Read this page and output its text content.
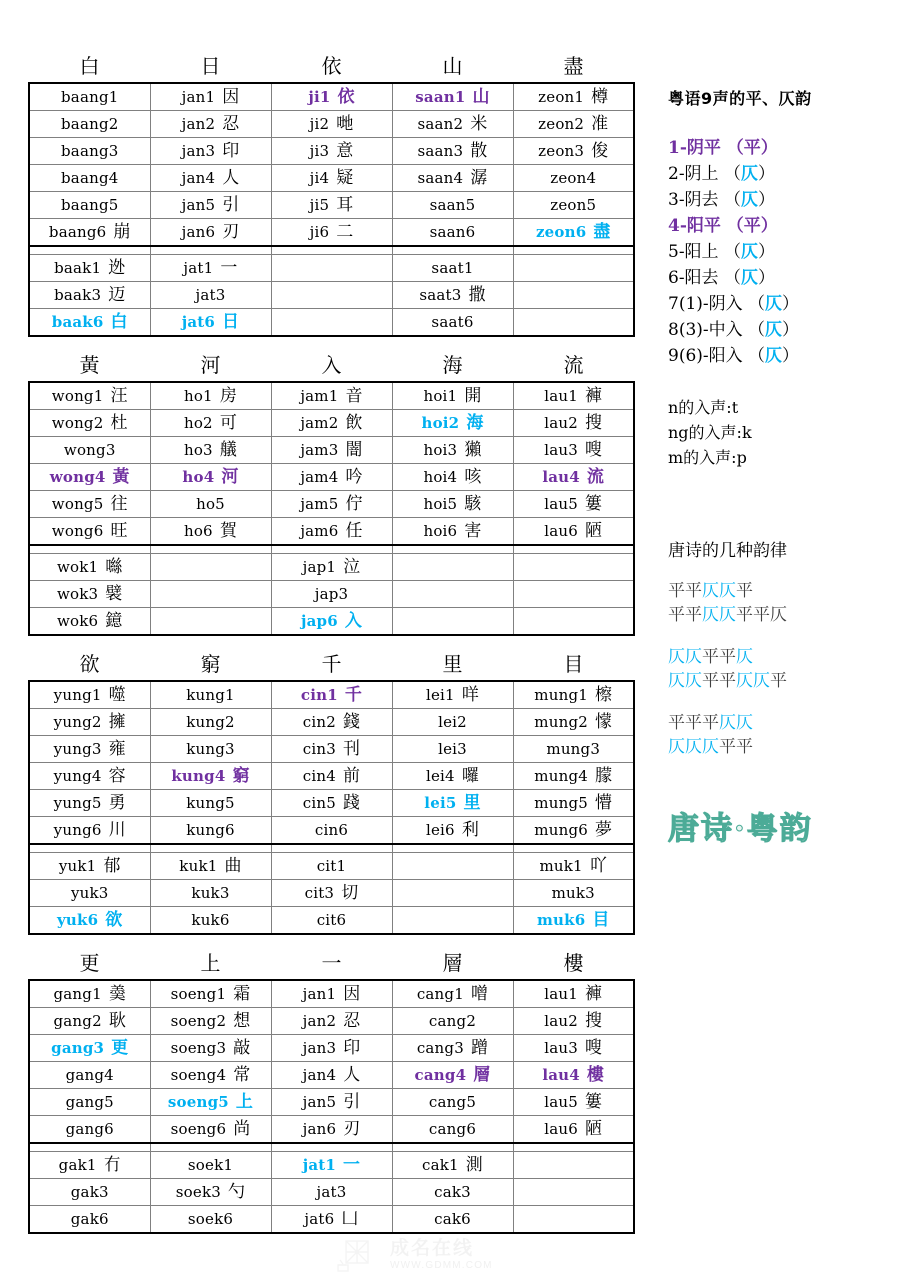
白	日	依	山	盡
baang1	jan1 因	ji1 依	saan1 山	zeon1 樽
baang2	jan2 忍	ji2 哋	saan2 米	zeon2 准
baang3	jan3 印	ji3 意	saan3 散	zeon3 俊
baang4	jan4 人	ji4 疑	saan4 潺	zeon4
baang5	jan5 引	ji5 耳	saan5	zeon5
baang6 崩	jan6 刃	ji6 二	saan6	zeon6 盡

baak1 迯	jat1 一		saat1	
baak3 迈	jat3		saat3 撒	
baak6 白	jat6 日		saat6	
黃	河	入	海	流
wong1 汪	ho1 房	jam1 音	hoi1 開	lau1 褲
wong2 杜	ho2 可	jam2 飲	hoi2 海	lau2 搜
wong3	ho3 艤	jam3 闇	hoi3 獺	lau3 嗖
wong4 黃	ho4 河	jam4 吟	hoi4 咳	lau4 流
wong5 往	ho5	jam5 佇	hoi5 駭	lau5 簍
wong6 旺	ho6 賀	jam6 任	hoi6 害	lau6 陋

wok1 噝		jap1 泣		
wok3 襞		jap3		
wok6 鐿		jap6 入		
欲	窮	千	里	目
yung1 噬	kung1	cin1 千	lei1 咩	mung1 檫
yung2 擁	kung2	cin2 錢	lei2	mung2 懞
yung3 雍	kung3	cin3 刊	lei3	mung3
yung4 容	kung4 窮	cin4 前	lei4 囉	mung4 朦
yung5 勇	kung5	cin5 踐	lei5 里	mung5 懵
yung6 川	kung6	cin6	lei6 利	mung6 夢

yuk1 郁	kuk1 曲	cit1		muk1 吖
yuk3	kuk3	cit3 切		muk3
yuk6 欲	kuk6	cit6		muk6 目
更	上	一	層	樓
gang1 羮	soeng1 霜	jan1 因	cang1 噌	lau1 褲
gang2 耿	soeng2 想	jan2 忍	cang2	lau2 搜
gang3 更	soeng3 敲	jan3 印	cang3 蹭	lau3 嗖
gang4	soeng4 常	jan4 人	cang4 層	lau4 樓
gang5	soeng5 上	jan5 引	cang5	lau5 簍
gang6	soeng6 尚	jan6 刃	cang6	lau6 陋

gak1 冇	soek1	jat1 一	cak1 測	
gak3	soek3 勺	jat3	cak3	
gak6	soek6	jat6 凵	cak6	
粤语9声的平、仄韵
1-阴平 （平）
2-阴上 （仄）
3-阴去 （仄）
4-阳平 （平）
5-阳上 （仄）
6-阳去 （仄）
7(1)-阴入 （仄）
8(3)-中入 （仄）
9(6)-阳入 （仄）
n的入声:t
ng的入声:k
m的入声:p
唐诗的几种韵律
平平仄仄平
平平仄仄平平仄
仄仄平平仄
仄仄平平仄仄平
平平平仄仄
仄仄仄平平
唐诗·粤韵
成名在线
WWW.GDMM.COM
